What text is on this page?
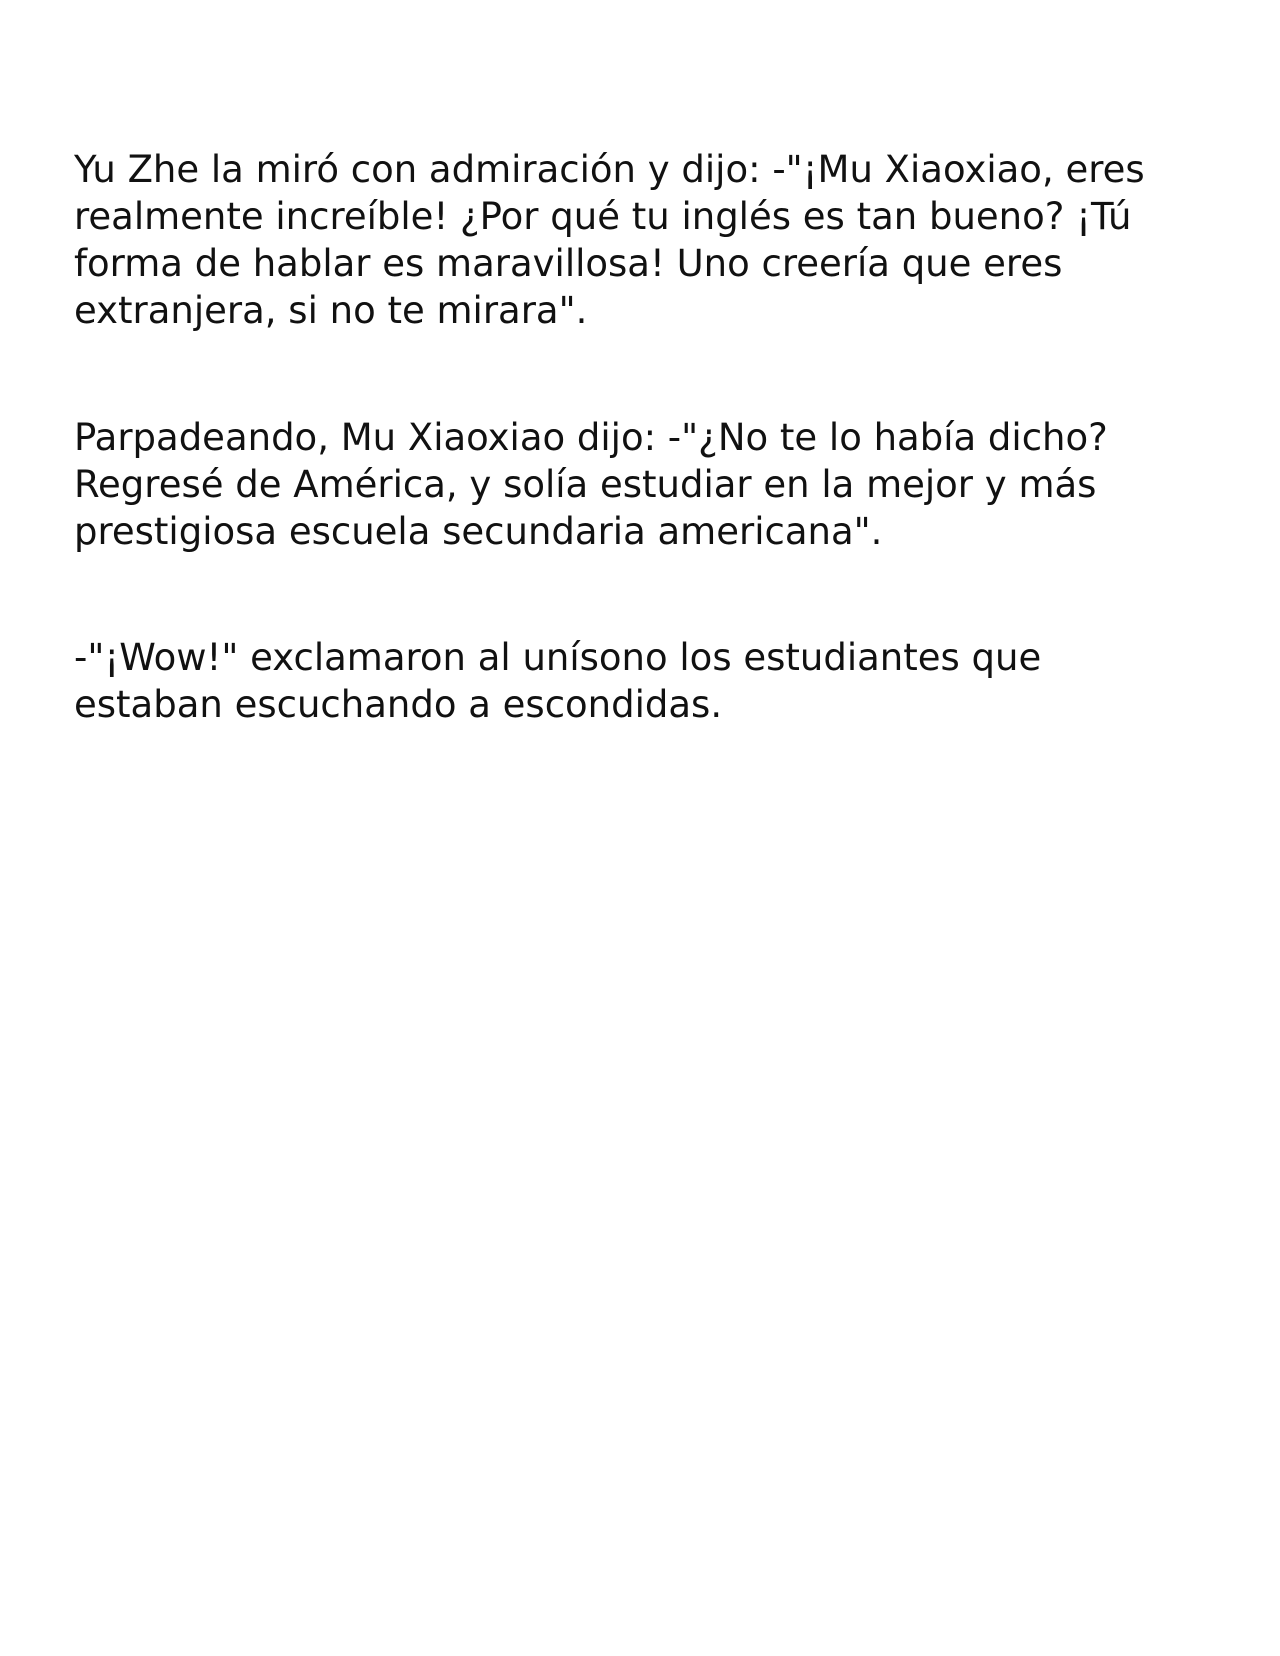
Yu Zhe la miró con admiración y dijo: -"¡Mu Xiaoxiao, eres
realmente increíble! ¿Por qué tu inglés es tan bueno? ¡Tú
forma de hablar es maravillosa! Uno creería que eres
extranjera, si no te mirara".

Parpadeando, Mu Xiaoxiao dijo: -"¿No te lo había dicho?
Regresé de América, y solía estudiar en la mejor y más
prestigiosa escuela secundaria americana".

-"¡Wow!" exclamaron al unísono los estudiantes que
estaban escuchando a escondidas.
